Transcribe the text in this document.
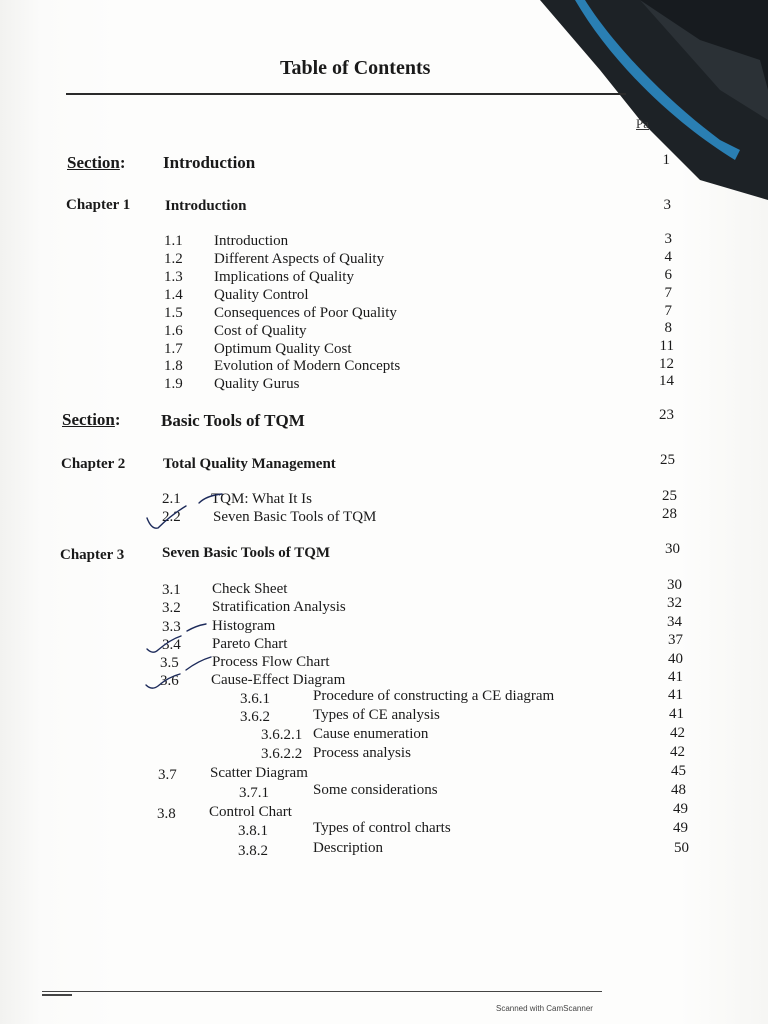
Table of Contents
Pa
Section: Introduction	1
Chapter 1 Introduction	3
1.1 Introduction	3
1.2 Different Aspects of Quality	4
1.3 Implications of Quality	6
1.4 Quality Control	7
1.5 Consequences of Poor Quality	7
1.6 Cost of Quality	8
1.7 Optimum Quality Cost	11
1.8 Evolution of Modern Concepts	12
1.9 Quality Gurus	14
Section: Basic Tools of TQM	23
Chapter 2	Total Quality Management	25
2.1 TQM: What It Is	25
2.2 Seven Basic Tools of TQM	28
Chapter 3	Seven Basic Tools of TQM	30
3.1 Check Sheet	30
3.2 Stratification Analysis	32
3.3 Histogram	34
3.4 Pareto Chart	37
3.5 Process Flow Chart	40
3.6 Cause-Effect Diagram	41
3.6.1	Procedure of constructing a CE diagram	41
3.6.2	Types of CE analysis	41
3.6.2.1 Cause enumeration	42
3.6.2.2 Process analysis	42
3.7 Scatter Diagram	45
3.7.1	Some considerations	48
3.8 Control Chart	49
3.8.1	Types of control charts	49
3.8.2	Description	50
Scanned with CamScanner
